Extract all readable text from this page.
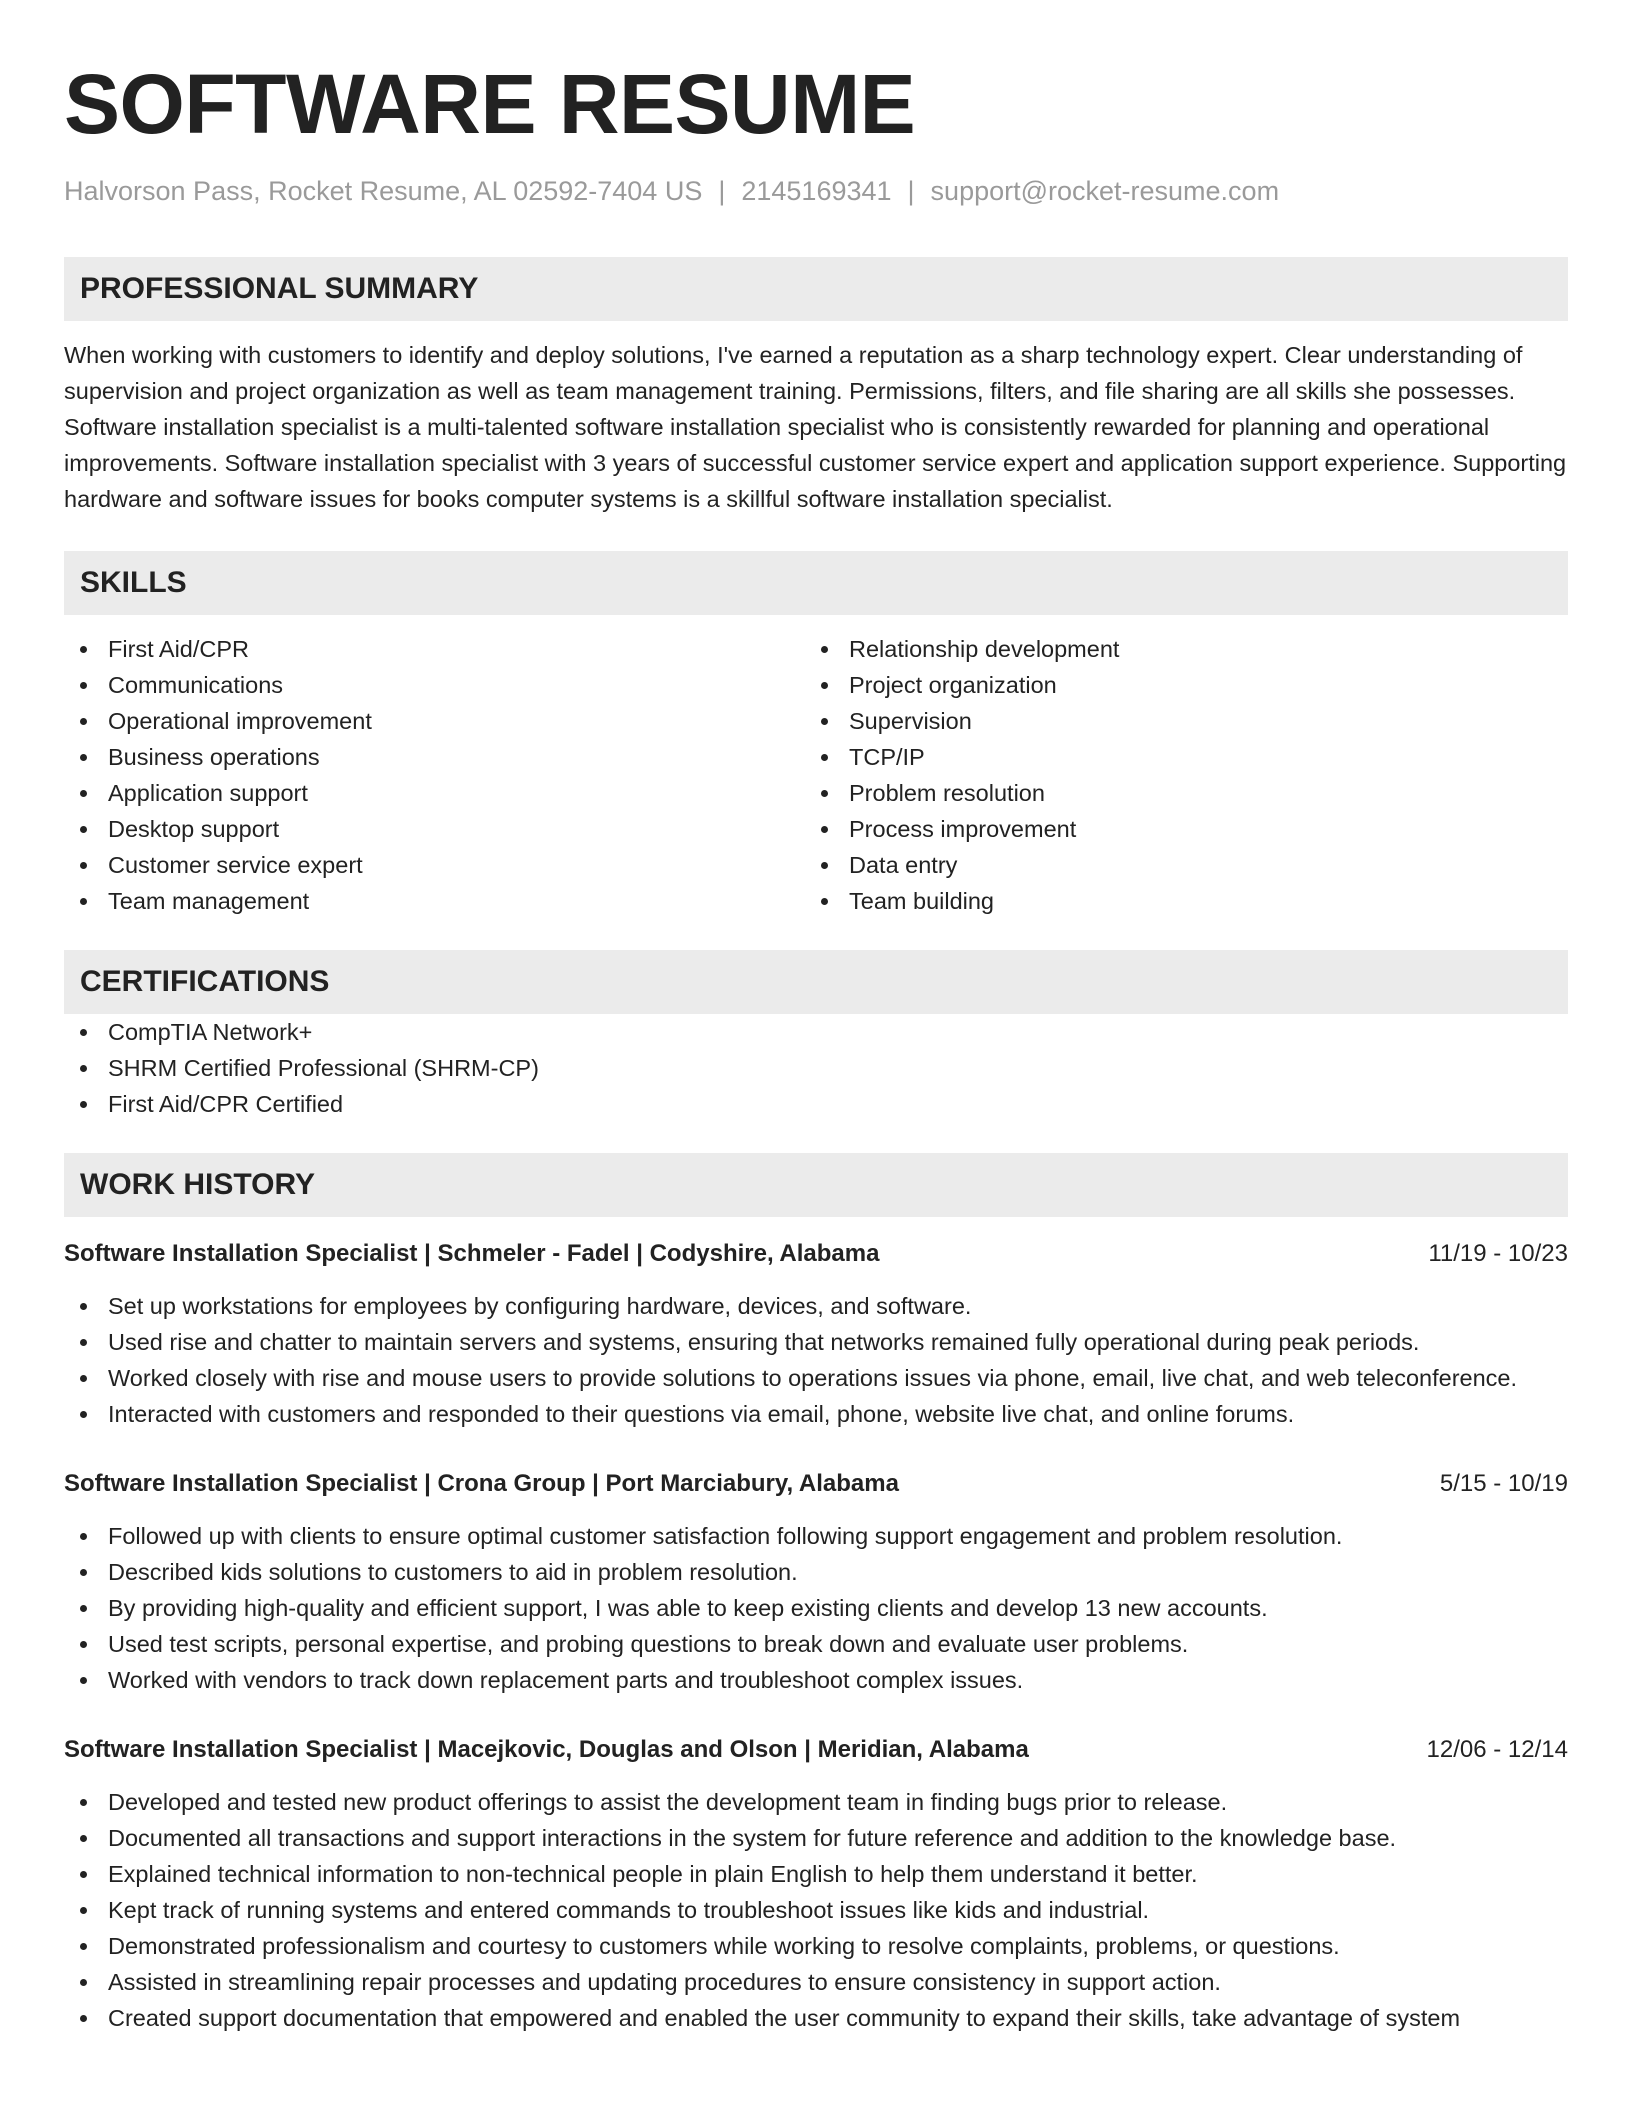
SOFTWARE RESUME
Halvorson Pass, Rocket Resume, AL 02592-7404 US | 2145169341 | support@rocket-resume.com
PROFESSIONAL SUMMARY

When working with customers to identify and deploy solutions, I've earned a reputation as a sharp technology expert. Clear understanding of supervision and project organization as well as team management training. Permissions, filters, and file sharing are all skills she possesses. Software installation specialist is a multi-talented software installation specialist who is consistently rewarded for planning and operational improvements. Software installation specialist with 3 years of successful customer service expert and application support experience. Supporting hardware and software issues for books computer systems is a skillful software installation specialist.

SKILLS
First Aid/CPR
Communications
Operational improvement
Business operations
Application support
Desktop support
Customer service expert
Team management
Relationship development
Project organization
Supervision
TCP/IP
Problem resolution
Process improvement
Data entry
Team building
CERTIFICATIONS
CompTIA Network+
SHRM Certified Professional (SHRM-CP)
First Aid/CPR Certified
WORK HISTORY
Software Installation Specialist | Schmeler - Fadel | Codyshire, Alabama	11/19 - 10/23
Set up workstations for employees by configuring hardware, devices, and software.
Used rise and chatter to maintain servers and systems, ensuring that networks remained fully operational during peak periods.
Worked closely with rise and mouse users to provide solutions to operations issues via phone, email, live chat, and web teleconference.
Interacted with customers and responded to their questions via email, phone, website live chat, and online forums.
Software Installation Specialist | Crona Group | Port Marciabury, Alabama	5/15 - 10/19
Followed up with clients to ensure optimal customer satisfaction following support engagement and problem resolution.
Described kids solutions to customers to aid in problem resolution.
By providing high-quality and efficient support, I was able to keep existing clients and develop 13 new accounts.
Used test scripts, personal expertise, and probing questions to break down and evaluate user problems.
Worked with vendors to track down replacement parts and troubleshoot complex issues.
Software Installation Specialist | Macejkovic, Douglas and Olson | Meridian, Alabama	12/06 - 12/14
Developed and tested new product offerings to assist the development team in finding bugs prior to release.
Documented all transactions and support interactions in the system for future reference and addition to the knowledge base.
Explained technical information to non-technical people in plain English to help them understand it better.
Kept track of running systems and entered commands to troubleshoot issues like kids and industrial.
Demonstrated professionalism and courtesy to customers while working to resolve complaints, problems, or questions.
Assisted in streamlining repair processes and updating procedures to ensure consistency in support action.
Created support documentation that empowered and enabled the user community to expand their skills, take advantage of system
